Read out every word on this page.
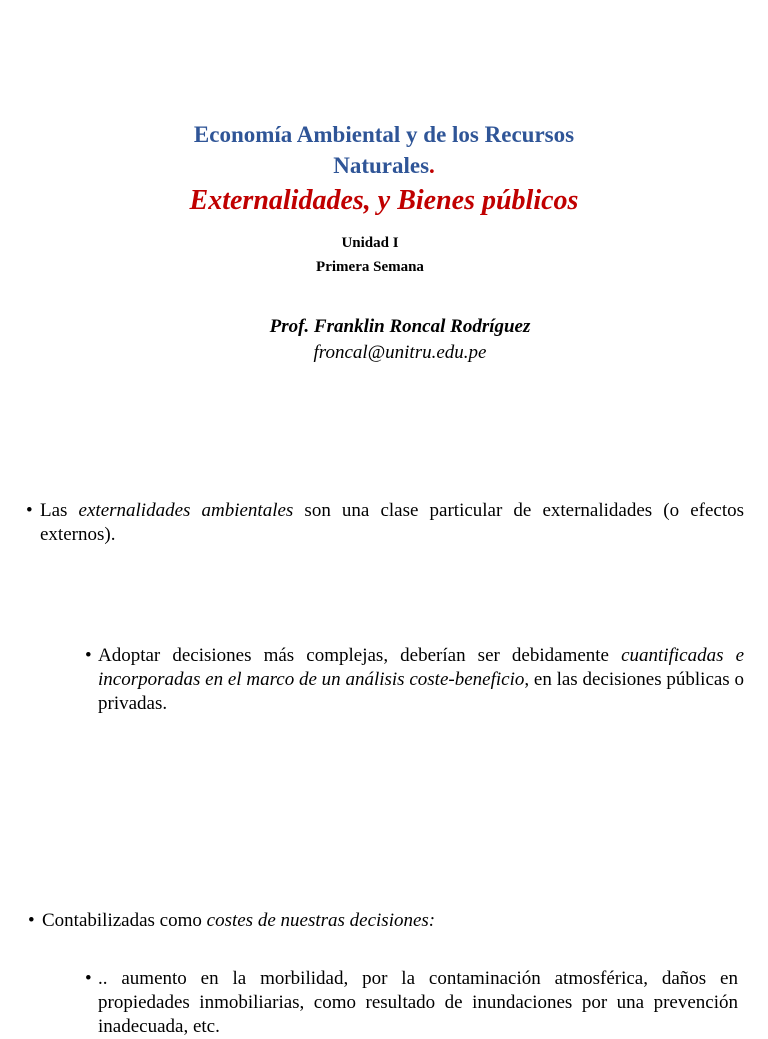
Economía Ambiental y de los Recursos
Naturales.
Externalidades, y Bienes públicos
Unidad I
Primera Semana
Prof. Franklin Roncal Rodríguez
froncal@unitru.edu.pe
• Las externalidades ambientales son una clase particular de externalidades (o efectos externos).
• Adoptar decisiones más complejas, deberían ser debidamente cuantificadas e incorporadas en el marco de un análisis coste-beneficio, en las decisiones públicas o privadas.
• Contabilizadas como costes de nuestras decisiones:
• .. aumento en la morbilidad, por la contaminación atmosférica, daños en propiedades inmobiliarias, como resultado de inundaciones por una prevención inadecuada, etc.
